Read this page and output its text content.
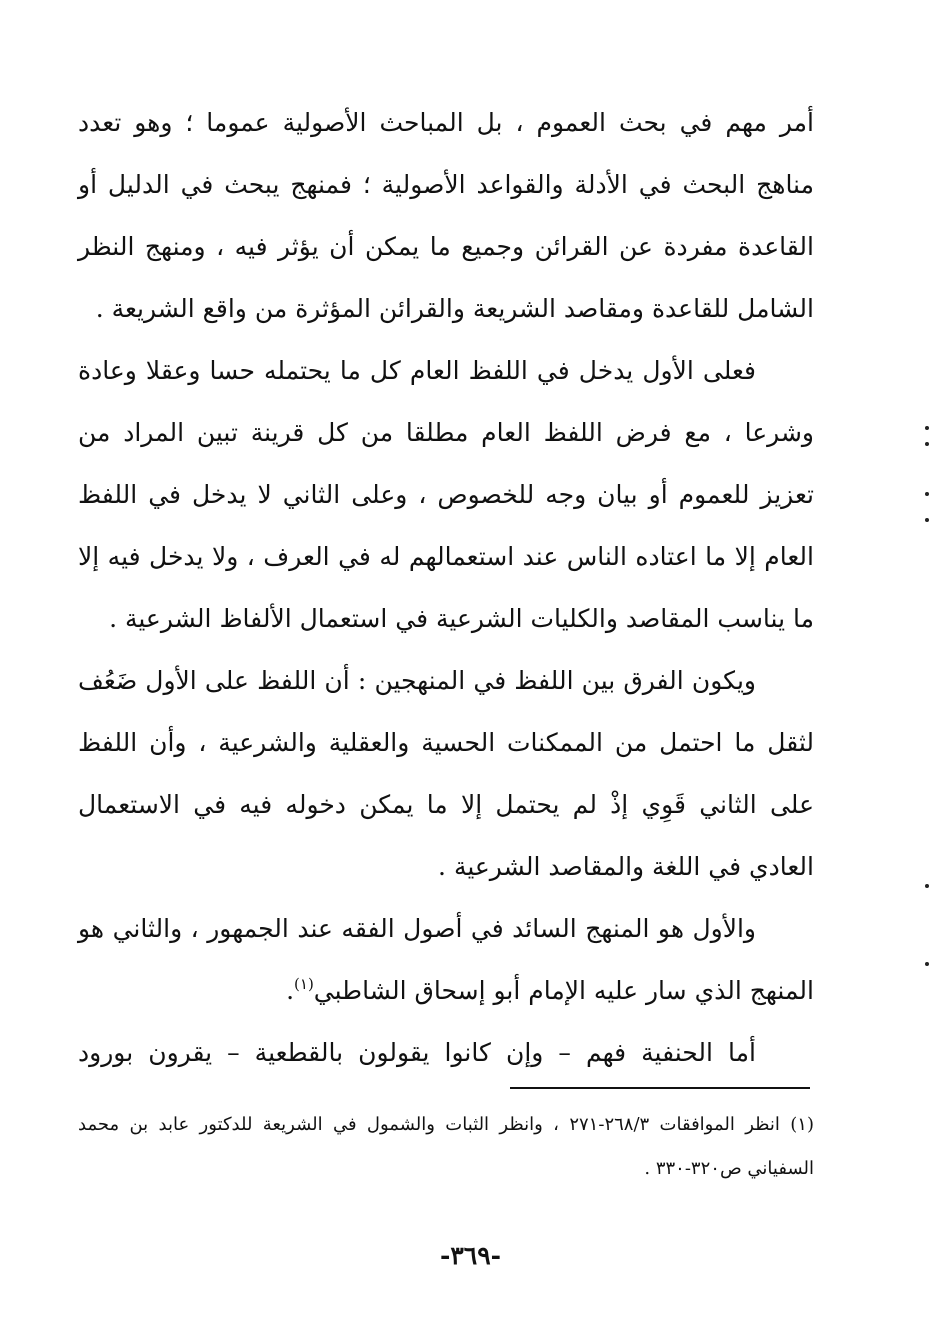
أمر مهم في بحث العموم ، بل المباحث الأصولية عموما ؛ وهو تعدد مناهج البحث في الأدلة والقواعد الأصولية ؛ فمنهج يبحث في الدليل أو القاعدة مفردة عن القرائن وجميع ما يمكن أن يؤثر فيه ، ومنهج النظر الشامل للقاعدة ومقاصد الشريعة والقرائن المؤثرة من واقع الشريعة .

فعلى الأول يدخل في اللفظ العام كل ما يحتمله حسا وعقلا وعادة وشرعا ، مع فرض اللفظ العام مطلقا من كل قرينة تبين المراد من تعزيز للعموم أو بيان وجه للخصوص ، وعلى الثاني لا يدخل في اللفظ العام إلا ما اعتاده الناس عند استعمالهم له في العرف ، ولا يدخل فيه إلا ما يناسب المقاصد والكليات الشرعية في استعمال الألفاظ الشرعية .

ويكون الفرق بين اللفظ في المنهجين : أن اللفظ على الأول ضَعُف لثقل ما احتمل من الممكنات الحسية والعقلية والشرعية ، وأن اللفظ على الثاني قَوِي إذْ لم يحتمل إلا ما يمكن دخوله فيه في الاستعمال العادي في اللغة والمقاصد الشرعية .

والأول هو المنهج السائد في أصول الفقه عند الجمهور ، والثاني هو المنهج الذي سار عليه الإمام أبو إسحاق الشاطبي$^{(١)}$.

أما الحنفية فهم – وإن كانوا يقولون بالقطعية – يقرون بورود

(١) انظر الموافقات ٢٦٨/٣-٢٧١ ، وانظر الثبات والشمول في الشريعة للدكتور عابد بن محمد السفياني ص٣٢٠-٣٣٠ .

-٣٦٩-
